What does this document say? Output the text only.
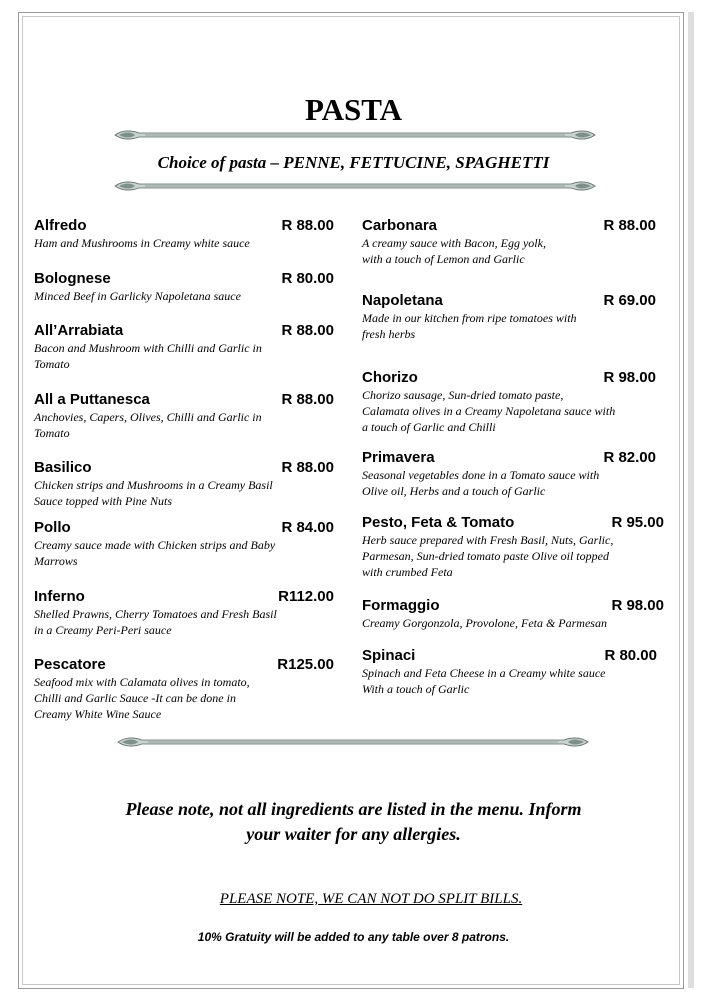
PASTA
Choice of pasta – PENNE, FETTUCINE, SPAGHETTI
Alfredo	R 88.00
Ham and Mushrooms in Creamy white sauce
Bolognese	R 80.00
Minced Beef in Garlicky Napoletana sauce
All’Arrabiata	R 88.00
Bacon and Mushroom with Chilli and Garlic in
Tomato
All a Puttanesca	R 88.00
Anchovies, Capers, Olives, Chilli and Garlic in
Tomato
Basilico	R 88.00
Chicken strips and Mushrooms in a Creamy Basil
Sauce topped with Pine Nuts
Pollo	R 84.00
Creamy sauce made with Chicken strips and Baby
Marrows
Inferno	R112.00
Shelled Prawns, Cherry Tomatoes and Fresh Basil
in a Creamy Peri-Peri sauce
Pescatore	R125.00
Seafood mix with Calamata olives in tomato,
Chilli and Garlic Sauce -It can be done in
Creamy White Wine Sauce
Carbonara	R 88.00
A creamy sauce with Bacon, Egg yolk,
with a touch of Lemon and Garlic
Napoletana	R 69.00
Made in our kitchen from ripe tomatoes with
fresh herbs
Chorizo	R 98.00
Chorizo sausage, Sun-dried tomato paste,
Calamata olives in a Creamy Napoletana sauce with
a touch of Garlic and Chilli
Primavera	R 82.00
Seasonal vegetables done in a Tomato sauce with
Olive oil, Herbs and a touch of Garlic
Pesto, Feta & Tomato	R 95.00
Herb sauce prepared with Fresh Basil, Nuts, Garlic,
Parmesan, Sun-dried tomato paste Olive oil topped
with crumbed Feta
Formaggio	R 98.00
Creamy Gorgonzola, Provolone, Feta & Parmesan
Spinaci	R 80.00
Spinach and Feta Cheese in a Creamy white sauce
With a touch of Garlic
Please note, not all ingredients are listed in the menu. Inform
your waiter for any allergies.
PLEASE NOTE, WE CAN NOT DO SPLIT BILLS.
10% Gratuity will be added to any table over 8 patrons.
